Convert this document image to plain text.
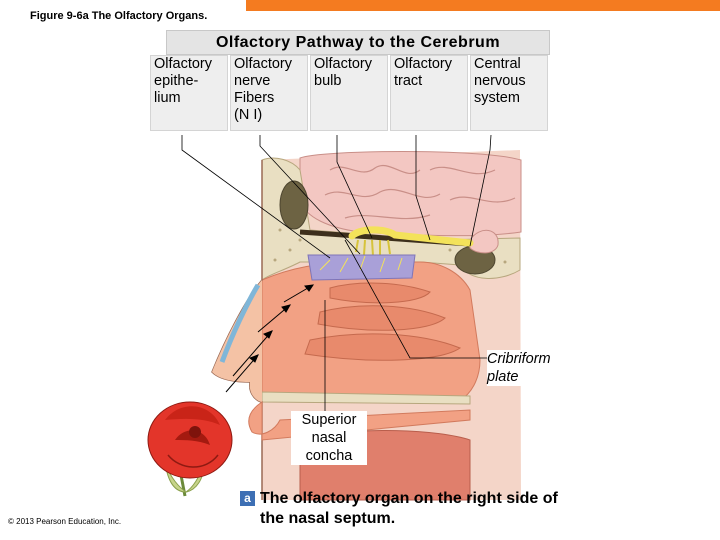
Figure 9-6a The Olfactory Organs.
Olfactory Pathway to the Cerebrum
Olfactory
epithe-
lium
Olfactory
nerve
Fibers
(N I)
Olfactory
bulb
Olfactory
tract
Central
nervous
system
Cribriform
plate
Superior
nasal
concha
a The olfactory organ on the right side of the nasal septum.
© 2013 Pearson Education, Inc.
